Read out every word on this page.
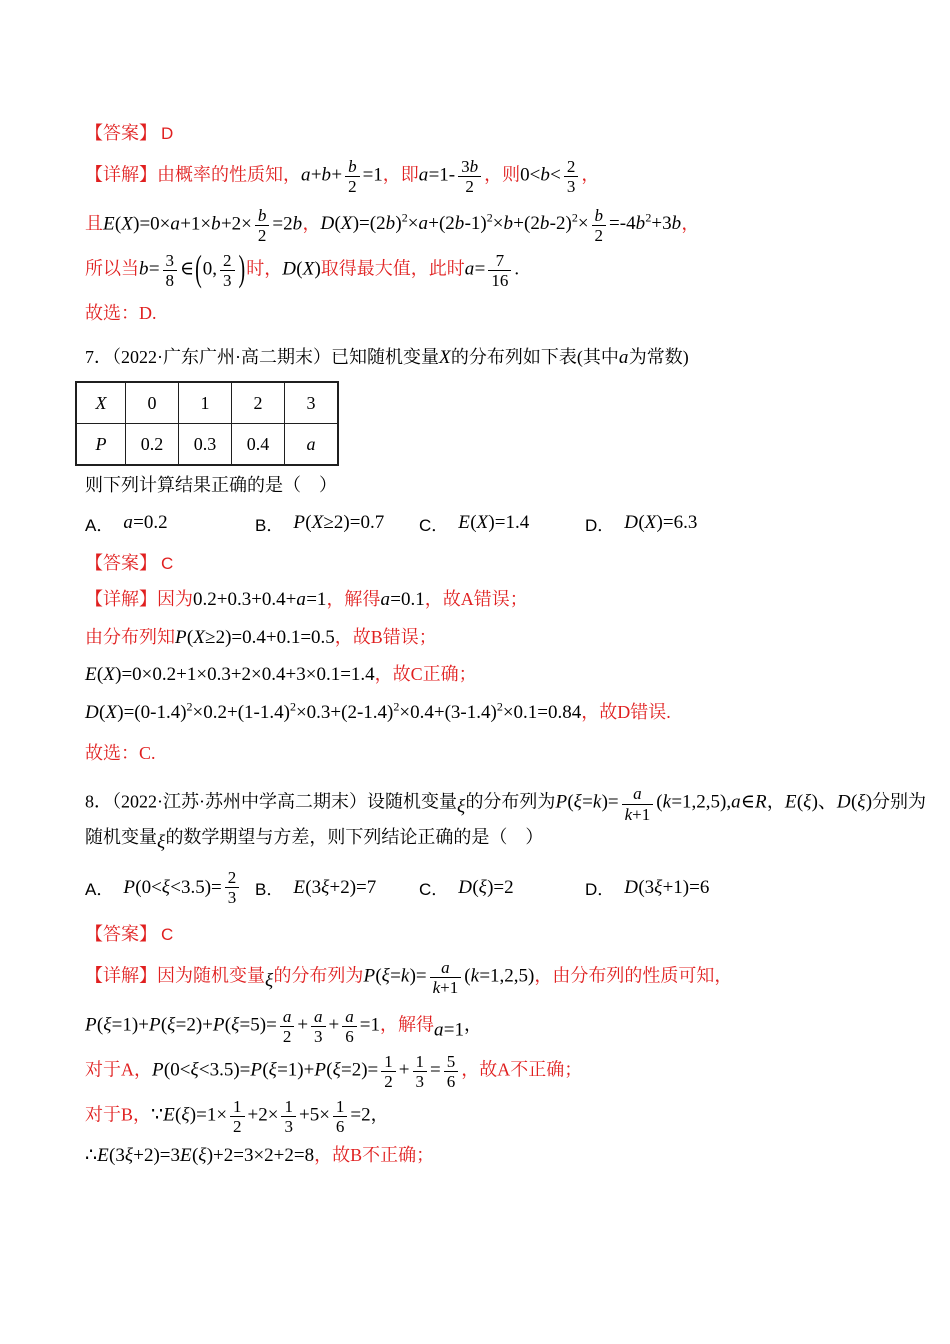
【答案】 D
【详解】由概率的性质知，$a+b+ \frac{b}{2} =1$，即$a=1- \frac{3b}{2}$ ，则$0<b< \frac{2}{3}$ ，
且$E(X)=0\times a+1\times b+2\times \frac{b}{2} =2b$，$D(X)=(2b)^2\times a+(2b-1)^2\times b+(2b-2)^2\times \frac{b}{2} =-4b^2+3b$，
所以当$b= \frac{3}{8}$ ∈(0, $\frac{2}{3}$ )时，D(X)取得最大值，此时$a= \frac{7}{16}$ .
故选：D.
7．（2022·广东广州·高二期末）已知随机变量X的分布列如下表(其中a为常数)
X	0	1	2	3
P	0.2	0.3	0.4	a
则下列计算结果正确的是（　）
A． a=0.2	B． P(X≥2)=0.7 C． E(X)=1.4	D． D(X)=6.3
【答案】 C
【详解】因为0.2+0.3+0.4+a=1，解得a=0.1，故A错误；
由分布列知P(X≥2)=0.4+0.1=0.5，故B错误；
E(X)=0×0.2+1×0.3+2×0.4+3×0.1=1.4，故C正确；
$D(X)=(0-1.4)^2\times 0.2+(1-1.4)^2\times 0.3+(2-1.4)^2\times 0.4+(3-1.4)^2\times 0.1=0.84$，故D错误.
故选：C.
8．（2022·江苏·苏州中学高二期末）设随机变量ξ的分布列为$P(\xi=k)= \frac{a}{k+1}$ (k=1,2,5),a∈R，E(ξ)、D(ξ)分别为随机变量ξ的数学期望与方差，则下列结论正确的是（　）
A． $P(0<\xi<3.5)= \frac{2}{3}$ B． E(3ξ+2)=7	C． D(ξ)=2	D． D(3ξ+1)=6
【答案】 C
【详解】因为随机变量ξ的分布列为$P(\xi=k)= \frac{a}{k+1} (k=1,2,5)$，由分布列的性质可知，
$P(\xi=1)+P(\xi=2)+P(\xi=5)= \frac{a}{2} + \frac{a}{3} + \frac{a}{6} =1$，解得a=1，
对于A，$P(0<\xi<3.5)=P(\xi=1)+P(\xi=2)= \frac{1}{2} + \frac{1}{3} = \frac{5}{6}$ ，故A不正确；
对于B，∵E(ξ)=1× $\frac{1}{2} +2\times \frac{1}{3} +5\times \frac{1}{6} =2$，
∴E(3ξ+2)=3E(ξ)+2=3×2+2=8，故B不正确；
